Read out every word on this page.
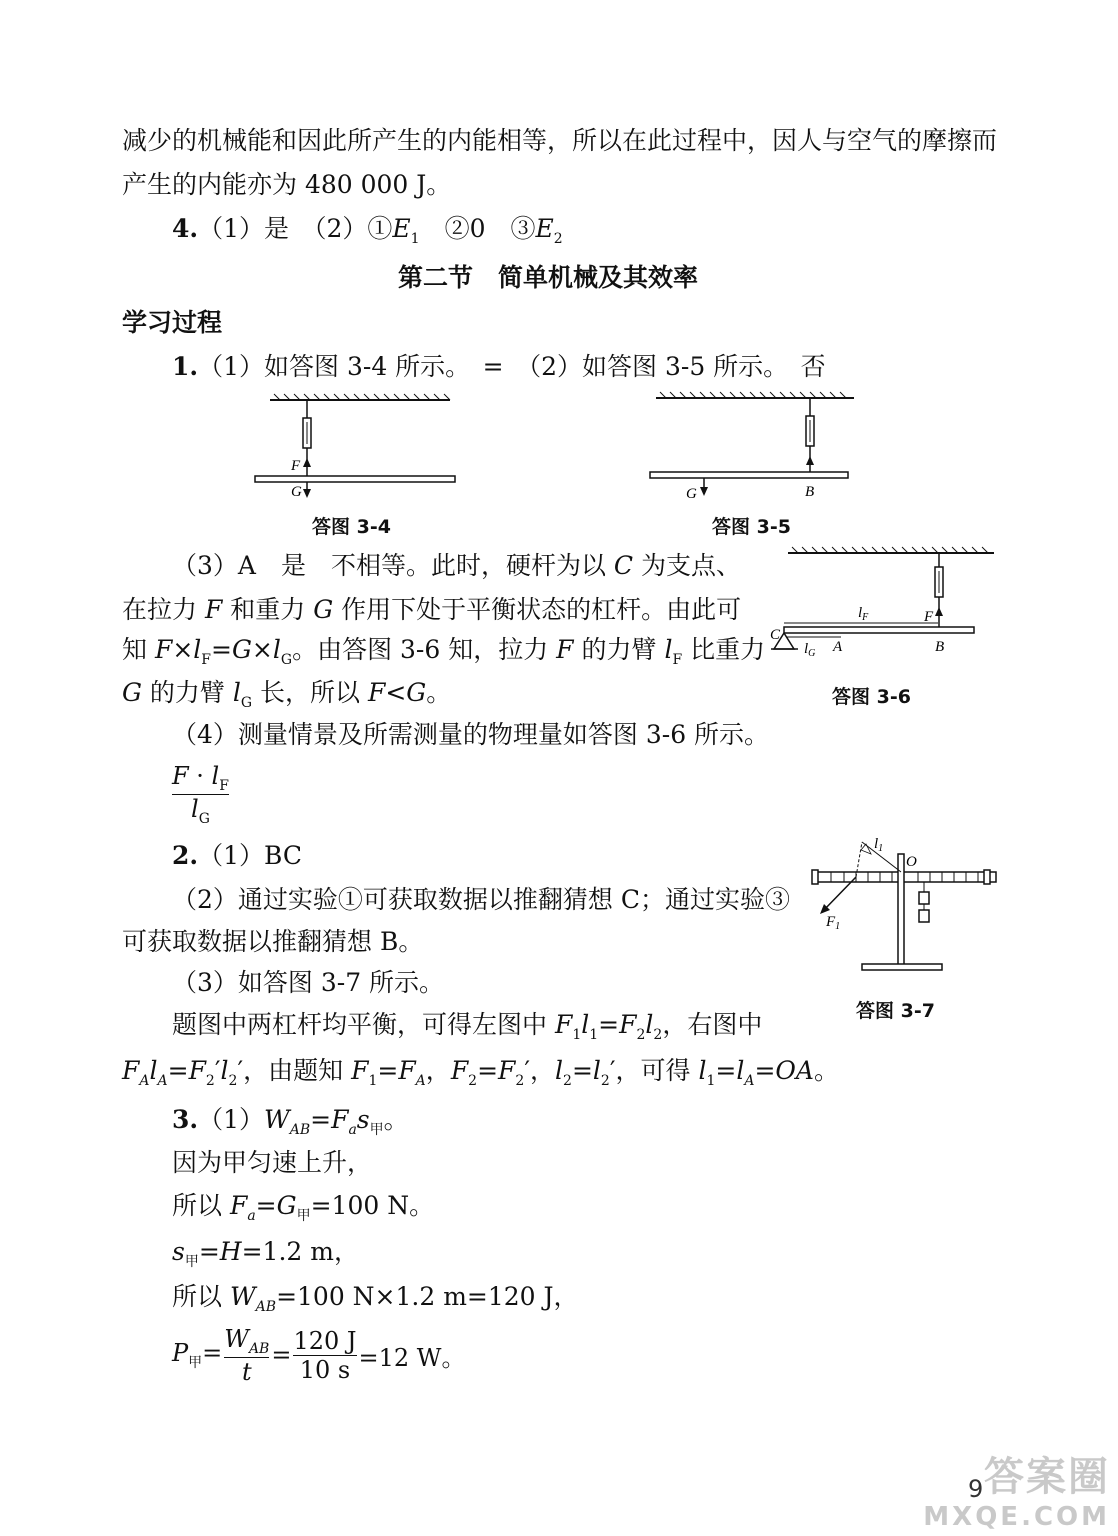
减少的机械能和因此所产生的内能相等，所以在此过程中，因人与空气的摩擦而
产生的内能亦为 480 000 J。
4.（1）是　$(2)①E_1$　②0　$③E_2$
第二节　简单机械及其效率
学习过程
1.（1）如答图 3-4 所示。　=　（2）如答图 3-5 所示。　否
F
G
答图 3-4
G	B
答图 3-5
（3）A　是　不相等。此时，硬杆为以 C 为支点、
在拉力 F 和重力 G 作用下处于平衡状态的杠杆。由此可
知 $F\times l_F=G\times l_G$。由答图 3-6 知，拉力 F 的力臂 $l_F$ 比重力
G 的力臂 $l_G$ 长，所以 F<G。
C
$l_F$	F
$l_G$ A	B
答图 3-6
（4）测量情景及所需测量的物理量如答图 3-6 所示。
$F \cdot l_F$
$l_G$
2.（1）BC
（2）通过实验①可获取数据以推翻猜想 C；通过实验③
可获取数据以推翻猜想 B。
（3）如答图 3-7 所示。
$l_1$
O
$F_1$
答图 3-7
题图中两杠杆均平衡，可得左图中 $F_1l_1=F_2l_2$，右图中
$F_Al_A=F_2'l_2'$，由题知 $F_1=F_A$，$F_2=F_2'$，$l_2=l_2'$，可得 $l_1=l_A=OA$。
$3.(1)W_{AB}=F_as_甲$。
因为甲匀速上升，
所以 $F_a=G_甲=100$ N。
$s_甲=H=1.2$ m，
所以 $W_{AB}=100$ N×1.2 m=120 J，
$P_甲= W_{AB}$
t
=
120 J
10 s =12 W。
9 答案圈
MXQE.COM
